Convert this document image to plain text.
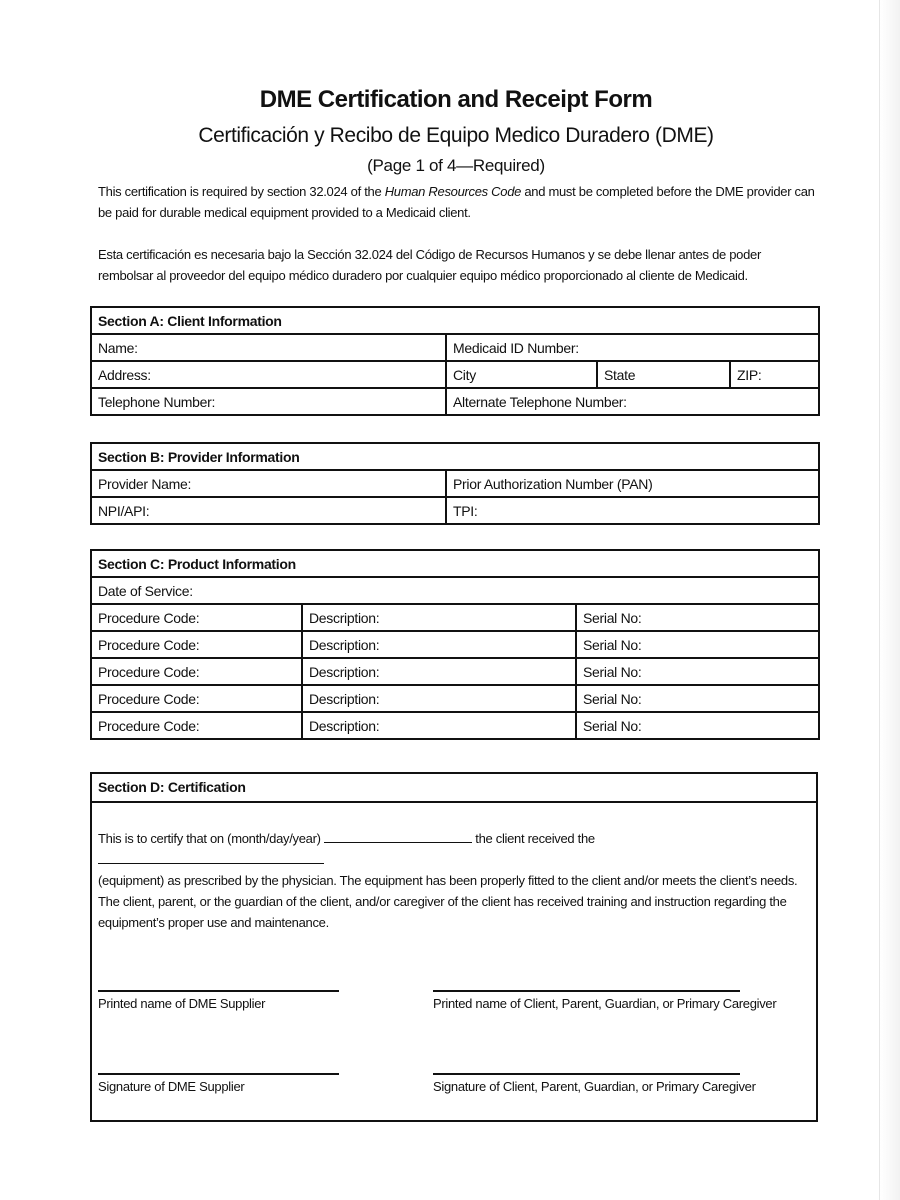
DME Certification and Receipt Form
Certificación y Recibo de Equipo Medico Duradero (DME)
(Page 1 of 4—Required)
This certification is required by section 32.024 of the Human Resources Code and must be completed before the DME provider can be paid for durable medical equipment provided to a Medicaid client.
Esta certificación es necesaria bajo la Sección 32.024 del Código de Recursos Humanos y se debe llenar antes de poder rembolsar al proveedor del equipo médico duradero por cualquier equipo médico proporcionado al cliente de Medicaid.
Section A: Client Information			
Name:	Medicaid ID Number:		
Address:	City	State	ZIP:
Telephone Number:	Alternate Telephone Number:		
Section B: Provider Information	
Provider Name:	Prior Authorization Number (PAN)
NPI/API:	TPI:
Section C: Product Information		
Date of Service:		
Procedure Code:	Description:	Serial No:
Procedure Code:	Description:	Serial No:
Procedure Code:	Description:	Serial No:
Procedure Code:	Description:	Serial No:
Procedure Code:	Description:	Serial No:
Section D: Certification
This is to certify that on (month/day/year)	the client received the
(equipment) as prescribed by the physician. The equipment has been properly fitted to the client and/or meets the client’s needs.
The client, parent, or the guardian of the client, and/or caregiver of the client has received training and instruction regarding the equipment’s proper use and maintenance.
Printed name of DME Supplier	Printed name of Client, Parent, Guardian, or Primary Caregiver
Signature of DME Supplier	Signature of Client, Parent, Guardian, or Primary Caregiver
